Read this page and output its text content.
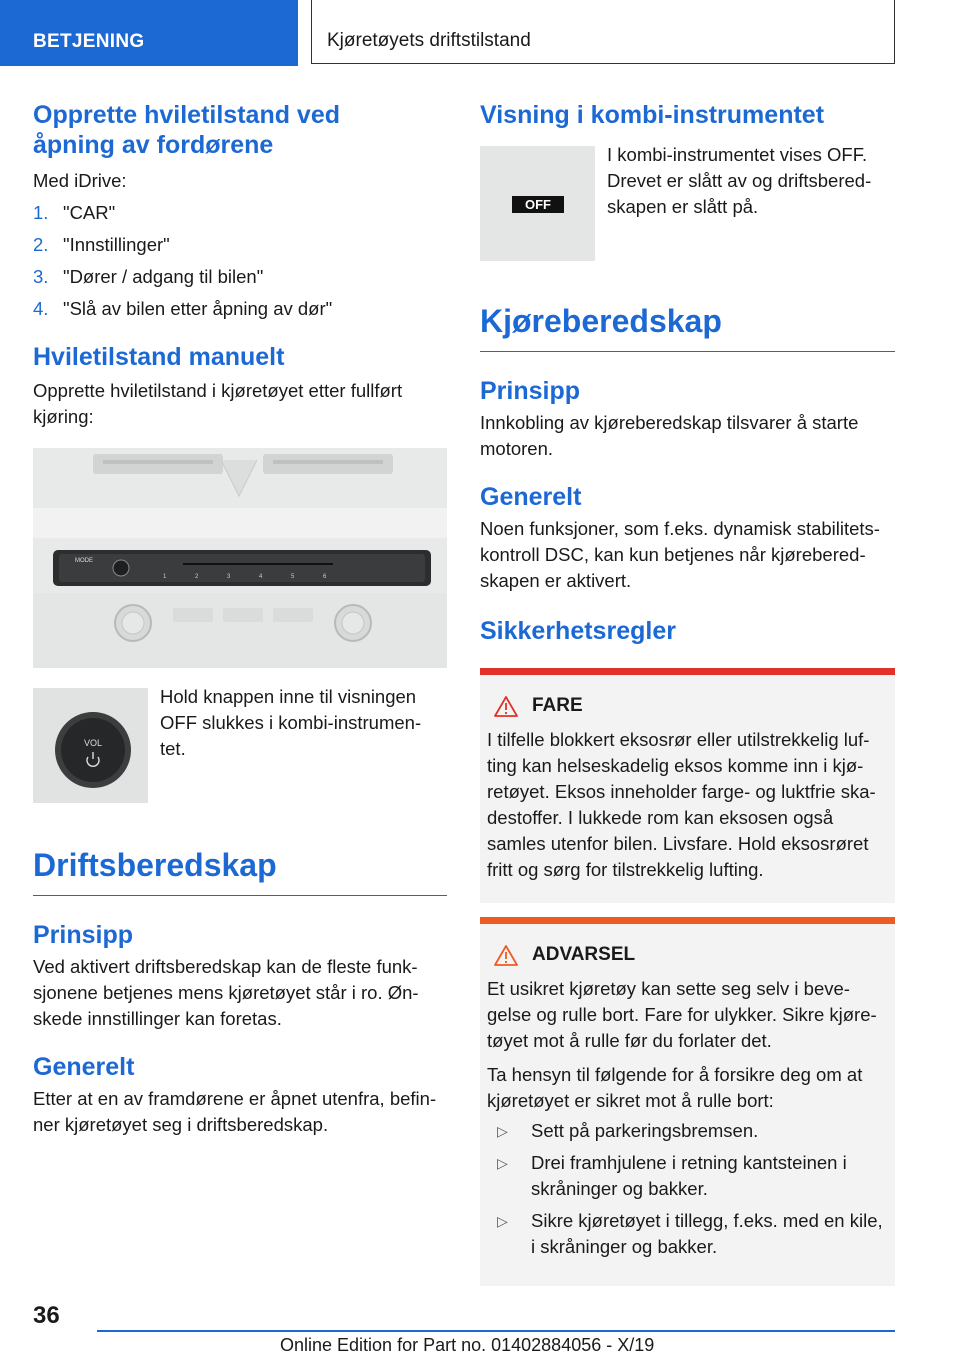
BETJENING	Kjøretøyets driftstilstand
Opprette hviletilstand ved åpning av fordørene

Med iDrive:

1. "CAR"
2. "Innstillinger"
3. "Dører / adgang til bilen"
4. "Slå av bilen etter åpning av dør"
Hviletilstand manuelt

Opprette hviletilstand i kjøretøyet etter fullført kjøring:

MODE
1	2	3	4	5	6
VOL

Hold knappen inne til visningen OFF slukkes i kombi-instrumen-tet.

Driftsberedskap
Prinsipp

Ved aktivert driftsberedskap kan de fleste funk-sjonene betjenes mens kjøretøyet står i ro. Øn-skede innstillinger kan foretas.

Generelt

Etter at en av framdørene er åpnet utenfra, befin-ner kjøretøyet seg i driftsberedskap.

Visning i kombi-instrumentet
OFF

I kombi-instrumentet vises OFF. Drevet er slått av og driftsbered-skapen er slått på.

Kjøreberedskap
Prinsipp

Innkobling av kjøreberedskap tilsvarer å starte motoren.

Generelt

Noen funksjoner, som f.eks. dynamisk stabilitets-kontroll DSC, kan kun betjenes når kjørebered-skapen er aktivert.

Sikkerhetsregler
FARE

I tilfelle blokkert eksosrør eller utilstrekkelig luf-ting kan helseskadelig eksos komme inn i kjø-retøyet. Eksos inneholder farge- og luktfrie ska-destoffer. I lukkede rom kan eksosen også samles utenfor bilen. Livsfare. Hold eksosrøret fritt og sørg for tilstrekkelig lufting.

ADVARSEL

Et usikret kjøretøy kan sette seg selv i beve-gelse og rulle bort. Fare for ulykker. Sikre kjøre-tøyet mot å rulle før du forlater det.

Ta hensyn til følgende for å forsikre deg om at kjøretøyet er sikret mot å rulle bort:

▷	Sett på parkeringsbremsen.
▷	Drei framhjulene i retning kantsteinen i skråninger og bakker.
▷	Sikre kjøretøyet i tillegg, f.eks. med en kile, i skråninger og bakker.
36
Online Edition for Part no. 01402884056 - X/19
